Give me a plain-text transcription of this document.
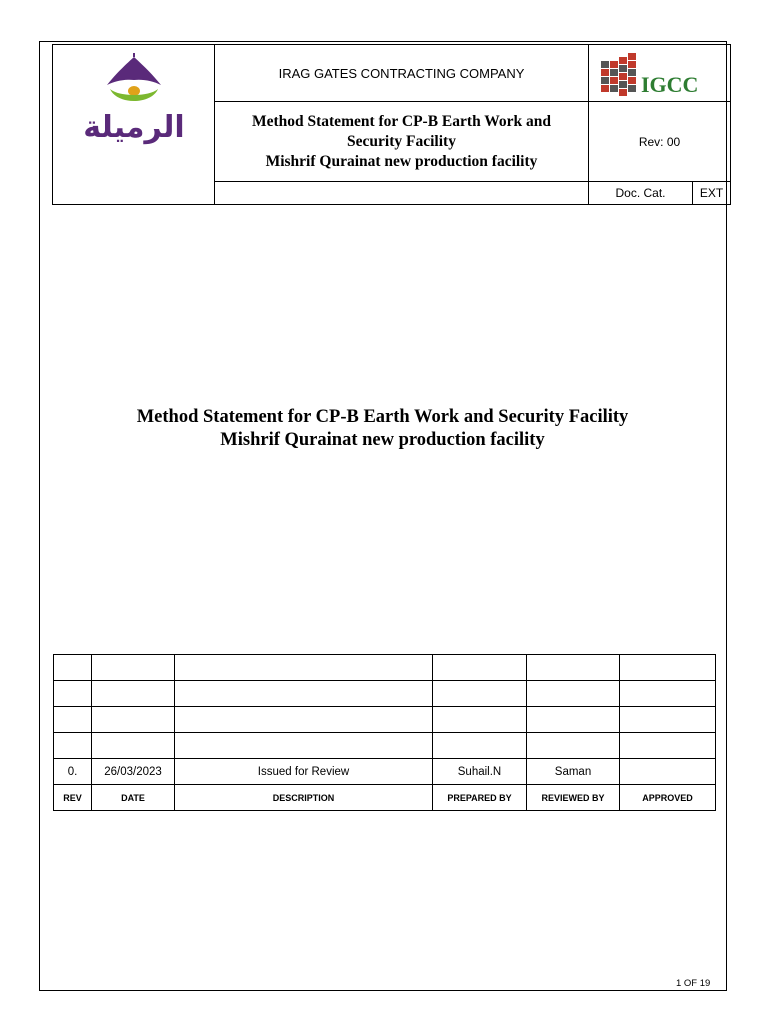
الرميلة
IRAG GATES CONTRACTING COMPANY
Method Statement for CP-B Earth Work and
Security Facility
Mishrif Qurainat new production facility
IGCC
Rev: 00
Doc. Cat.	EXT
Method Statement for CP-B Earth Work and Security Facility
Mishrif Qurainat new production facility

0.	26/03/2023	Issued for Review	Suhail.N	Saman	
REV	DATE	DESCRIPTION	PREPARED BY	REVIEWED BY	APPROVED
1 OF 19
